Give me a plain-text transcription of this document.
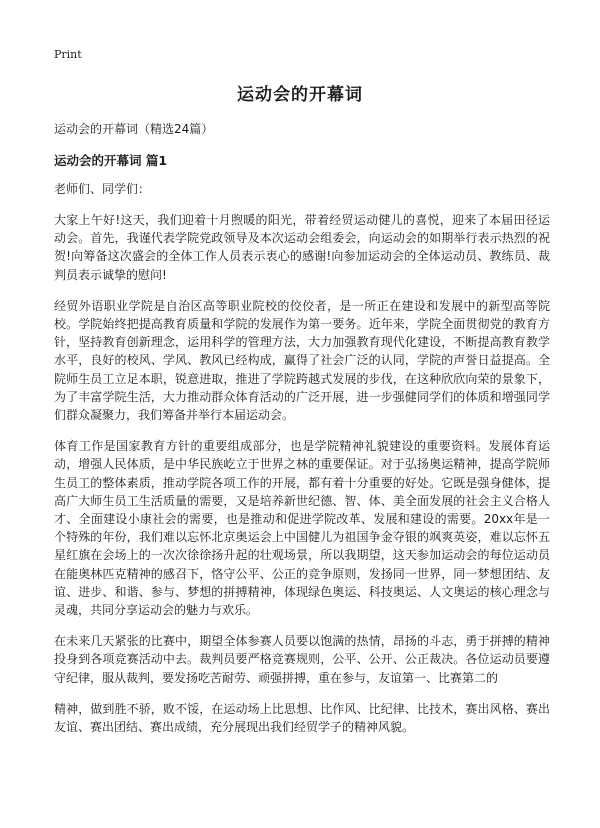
Print
运动会的开幕词

运动会的开幕词（精选24篇）

运动会的开幕词 篇1

老师们、同学们：

大家上午好!这天，我们迎着十月煦暖的阳光，带着经贸运动健儿的喜悦，迎来了本届田径运动会。首先，我谨代表学院党政领导及本次运动会组委会，向运动会的如期举行表示热烈的祝贺!向筹备这次盛会的全体工作人员表示衷心的感谢!向参加运动会的全体运动员、教练员、裁判员表示诚挚的慰问!

经贸外语职业学院是自治区高等职业院校的佼佼者，是一所正在建设和发展中的新型高等院校。学院始终把提高教育质量和学院的发展作为第一要务。近年来，学院全面贯彻党的教育方针，坚持教育创新理念，运用科学的管理方法，大力加强教育现代化建设，不断提高教育教学水平，良好的校风、学风、教风已经构成，赢得了社会广泛的认同，学院的声誉日益提高。全院师生员工立足本职，锐意进取，推进了学院跨越式发展的步伐，在这种欣欣向荣的景象下，为了丰富学院生活，大力推动群众体育活动的广泛开展，进一步强健同学们的体质和增强同学们群众凝聚力，我们筹备并举行本届运动会。

体育工作是国家教育方针的重要组成部分，也是学院精神礼貌建设的重要资料。发展体育运动，增强人民体质，是中华民族屹立于世界之林的重要保证。对于弘扬奥运精神，提高学院师生员工的整体素质，推动学院各项工作的开展，都有着十分重要的好处。它既是强身健体，提高广大师生员工生活质量的需要，又是培养新世纪德、智、体、美全面发展的社会主义合格人才、全面建设小康社会的需要，也是推动和促进学院改革、发展和建设的需要。20xx年是一个特殊的年份，我们难以忘怀北京奥运会上中国健儿为祖国争金夺银的飒爽英姿，难以忘怀五星红旗在会场上的一次次徐徐扬升起的壮观场景，所以我期望，这天参加运动会的每位运动员在能奥林匹克精神的感召下，恪守公平、公正的竞争原则，发扬同一世界，同一梦想团结、友谊、进步、和谐、参与、梦想的拼搏精神，体现绿色奥运、科技奥运、人文奥运的核心理念与灵魂，共同分享运动会的魅力与欢乐。

在未来几天紧张的比赛中，期望全体参赛人员要以饱满的热情，昂扬的斗志，勇于拼搏的精神投身到各项竞赛活动中去。裁判员要严格竞赛规则，公平、公开、公正裁决。各位运动员要遵守纪律，服从裁判，要发扬吃苦耐劳、顽强拼搏，重在参与，友谊第一、比赛第二的

精神，做到胜不骄，败不馁，在运动场上比思想、比作风、比纪律、比技术，赛出风格、赛出友谊、赛出团结、赛出成绩，充分展现出我们经贸学子的精神风貌。
